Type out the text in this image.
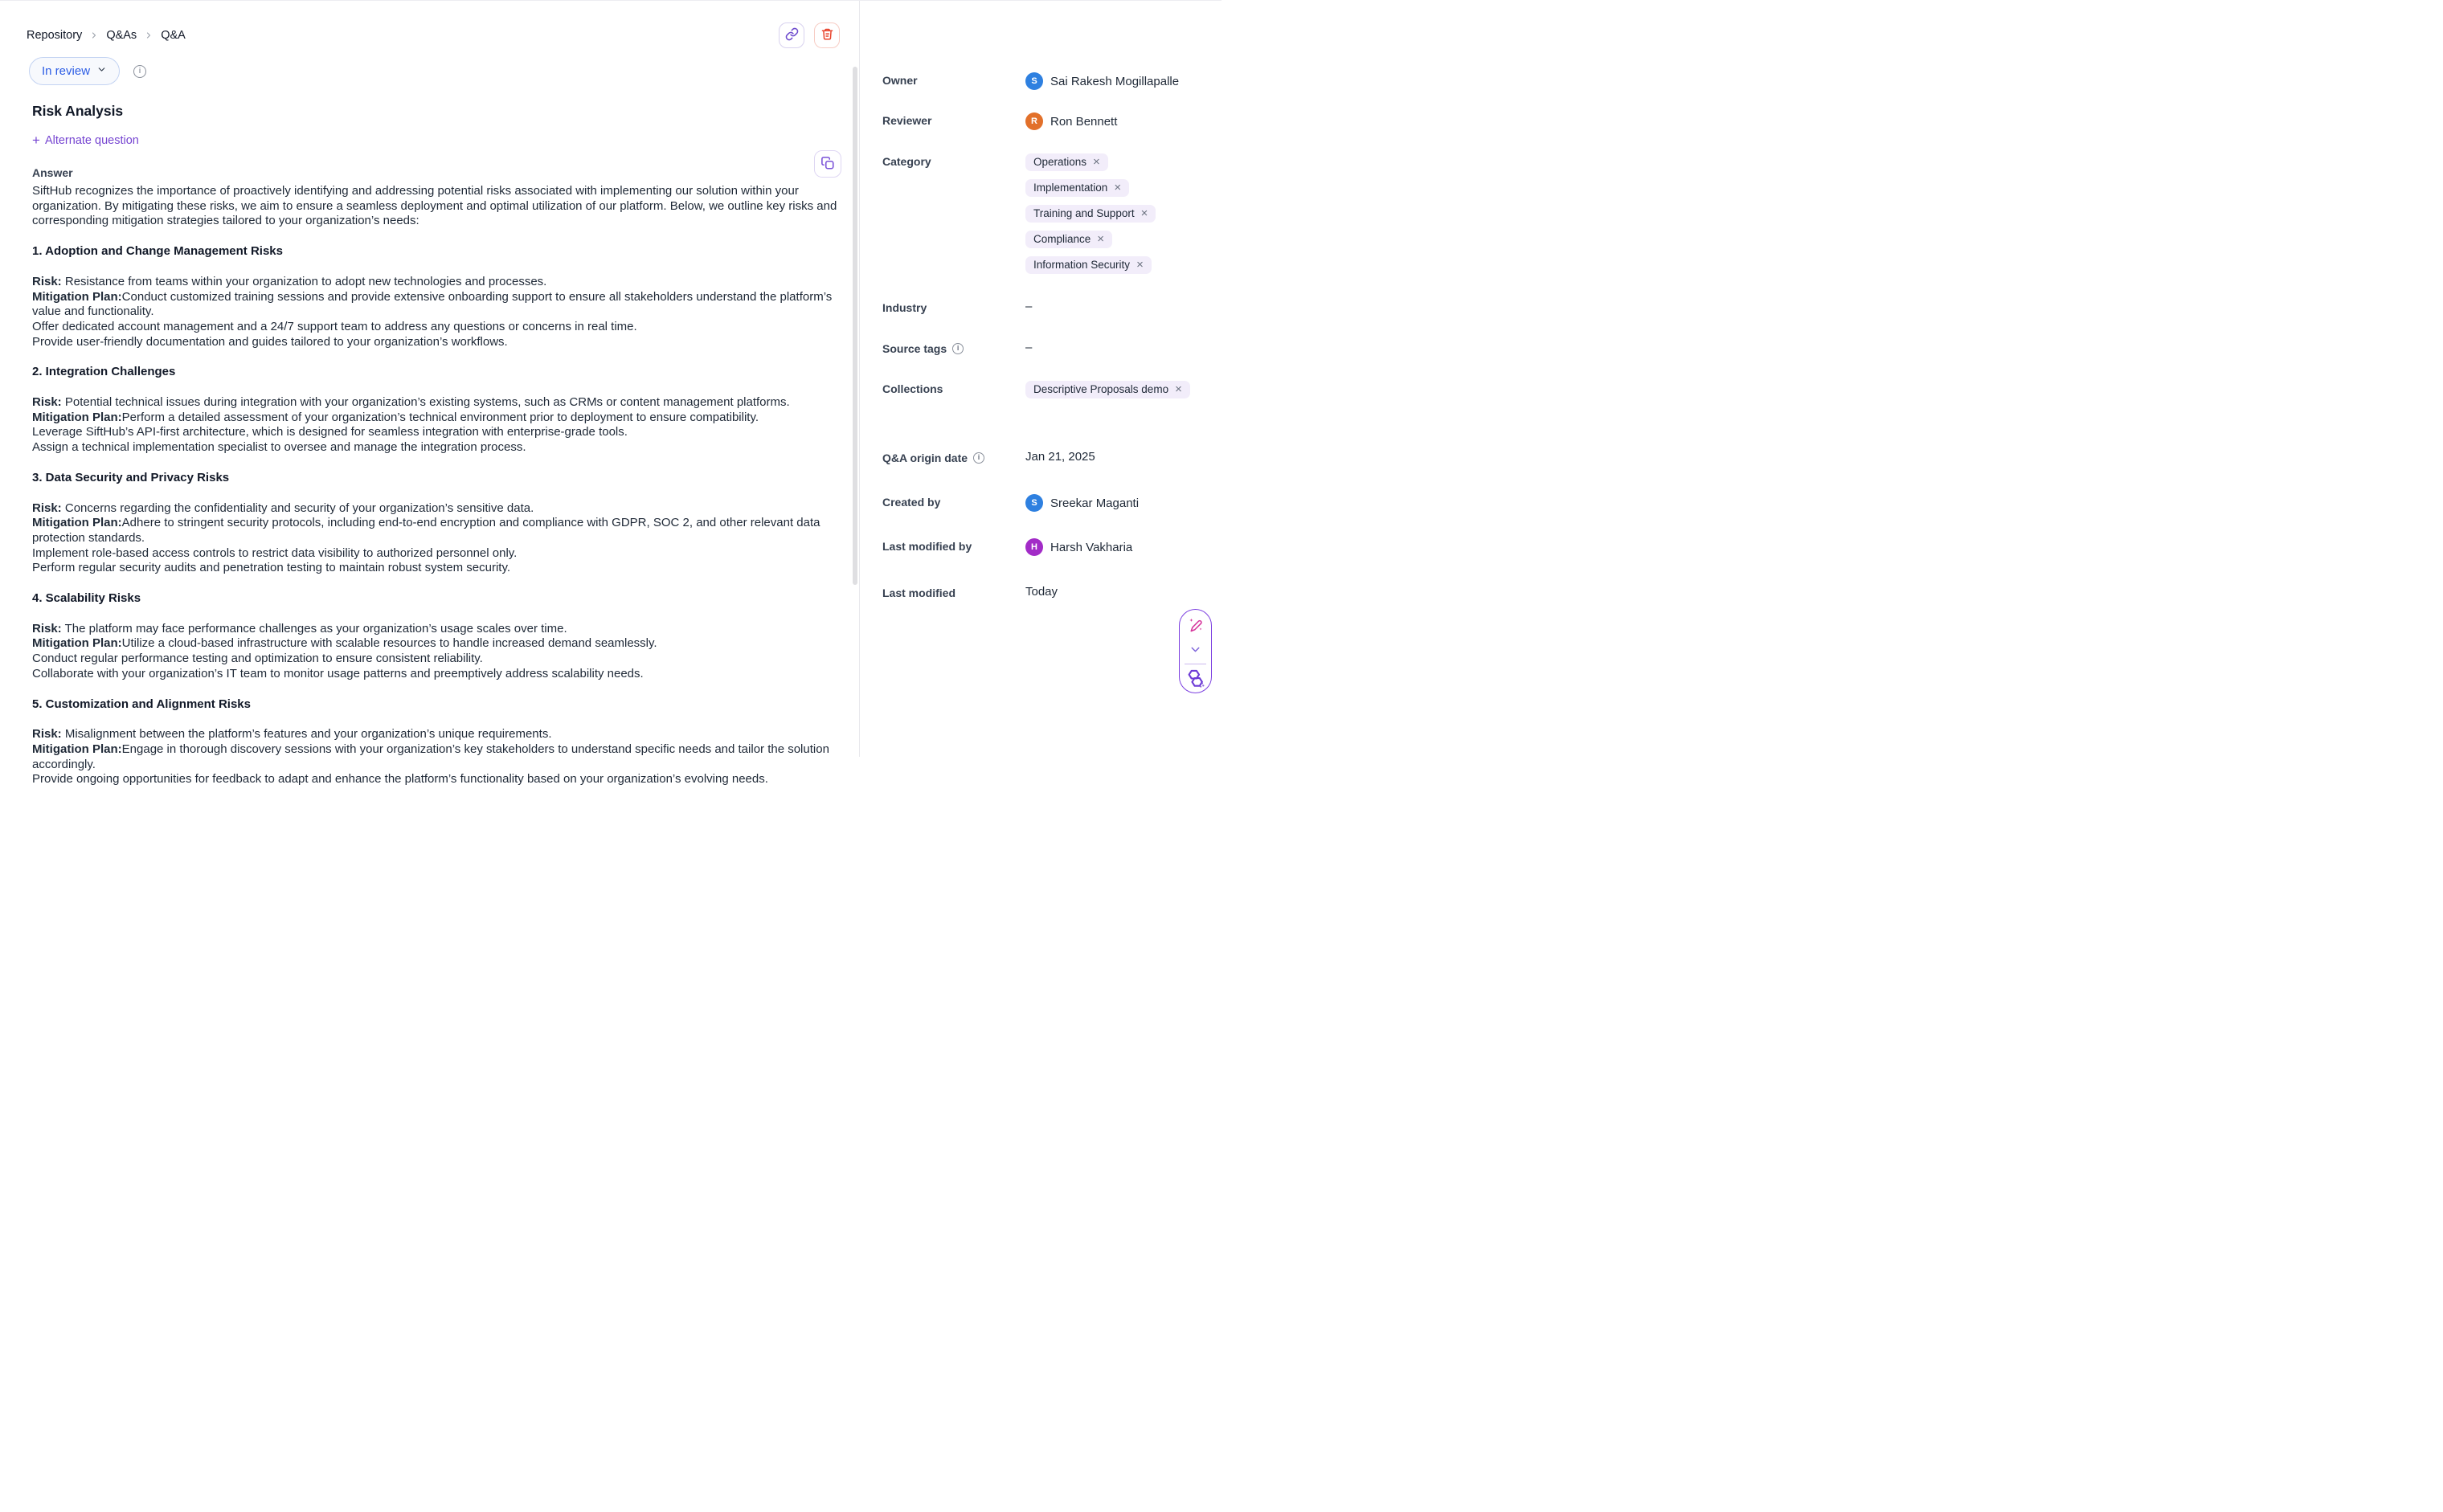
Repository Q&As Q&A
In review	i
Risk Analysis
+ Alternate question
Answer

SiftHub recognizes the importance of proactively identifying and addressing potential risks associated with implementing our solution within your organization. By mitigating these risks, we aim to ensure a seamless deployment and optimal utilization of our platform. Below, we outline key risks and corresponding mitigation strategies tailored to your organization’s needs:

1. Adoption and Change Management Risks

Risk: Resistance from teams within your organization to adopt new technologies and processes.

Mitigation Plan:Conduct customized training sessions and provide extensive onboarding support to ensure all stakeholders understand the platform’s value and functionality.

Offer dedicated account management and a 24/7 support team to address any questions or concerns in real time.

Provide user-friendly documentation and guides tailored to your organization’s workflows.

2. Integration Challenges

Risk: Potential technical issues during integration with your organization’s existing systems, such as CRMs or content management platforms.

Mitigation Plan:Perform a detailed assessment of your organization’s technical environment prior to deployment to ensure compatibility.

Leverage SiftHub’s API-first architecture, which is designed for seamless integration with enterprise-grade tools.

Assign a technical implementation specialist to oversee and manage the integration process.

3. Data Security and Privacy Risks

Risk: Concerns regarding the confidentiality and security of your organization’s sensitive data.

Mitigation Plan:Adhere to stringent security protocols, including end-to-end encryption and compliance with GDPR, SOC 2, and other relevant data protection standards.

Implement role-based access controls to restrict data visibility to authorized personnel only.

Perform regular security audits and penetration testing to maintain robust system security.

4. Scalability Risks

Risk: The platform may face performance challenges as your organization’s usage scales over time.

Mitigation Plan:Utilize a cloud-based infrastructure with scalable resources to handle increased demand seamlessly.

Conduct regular performance testing and optimization to ensure consistent reliability.

Collaborate with your organization’s IT team to monitor usage patterns and preemptively address scalability needs.

5. Customization and Alignment Risks

Risk: Misalignment between the platform’s features and your organization’s unique requirements.

Mitigation Plan:Engage in thorough discovery sessions with your organization’s key stakeholders to understand specific needs and tailor the solution accordingly.

Provide ongoing opportunities for feedback to adapt and enhance the platform’s functionality based on your organization’s evolving needs.

Owner	S	Sai Rakesh Mogillapalle
Reviewer	R	Ron Bennett
Category	Operations ×
Implementation ×
Training and Support ×
Compliance ×
Information Security ×
Industry	–
Source tags	i	–
Collections	Descriptive Proposals demo ×
Q&A origin date	i	Jan 21, 2025
Created by	S	Sreekar Maganti
Last modified by	H	Harsh Vakharia
Last modified	Today
